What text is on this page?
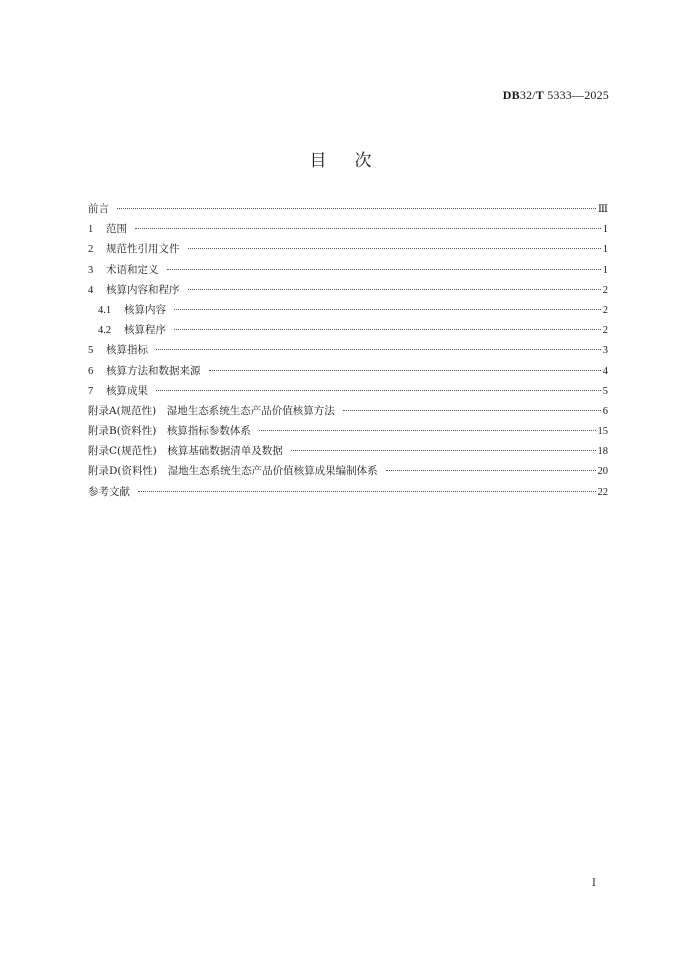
DB32/T 5333—2025
目次
前言	Ⅲ
1	范围	1
2	规范性引用文件	1
3	术语和定义	1
4	核算内容和程序	2
4.1	核算内容	2
4.2	核算程序	2
5	核算指标	3
6	核算方法和数据来源	4
7	核算成果	5
附录A(规范性)　湿地生态系统生态产品价值核算方法	6
附录B(资料性)　核算指标参数体系	15
附录C(规范性)　核算基础数据清单及数据	18
附录D(资料性)　湿地生态系统生态产品价值核算成果编制体系	20
参考文献	22
Ⅰ
